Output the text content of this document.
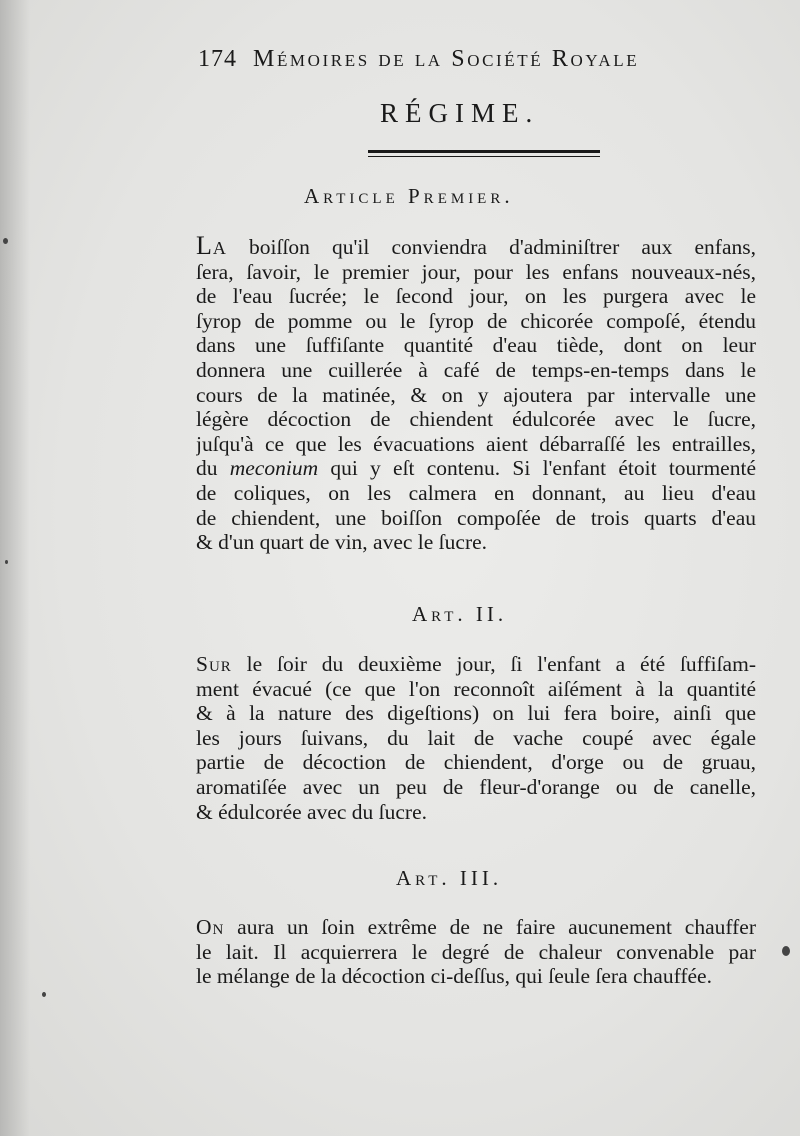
174 Mémoires de la Société Royale
RÉGIME.
Article Premier.
La boiſſon qu'il conviendra d'adminiſtrer aux enfans,
ſera, ſavoir, le premier jour, pour les enfans nouveaux-nés,
de l'eau ſucrée; le ſecond jour, on les purgera avec le
ſyrop de pomme ou le ſyrop de chicorée compoſé, étendu
dans une ſuffiſante quantité d'eau tiède, dont on leur
donnera une cuillerée à café de temps-en-temps dans le
cours de la matinée, & on y ajoutera par intervalle une
légère décoction de chiendent édulcorée avec le ſucre,
juſqu'à ce que les évacuations aient débarraſſé les entrailles,
du meconium qui y eſt contenu. Si l'enfant étoit tourmenté
de coliques, on les calmera en donnant, au lieu d'eau
de chiendent, une boiſſon compoſée de trois quarts d'eau
& d'un quart de vin, avec le ſucre.
Art. II.
Sur le ſoir du deuxième jour, ſi l'enfant a été ſuffiſam-
ment évacué (ce que l'on reconnoît aiſément à la quantité
& à la nature des digeſtions) on lui fera boire, ainſi que
les jours ſuivans, du lait de vache coupé avec égale
partie de décoction de chiendent, d'orge ou de gruau,
aromatiſée avec un peu de fleur-d'orange ou de canelle,
& édulcorée avec du ſucre.
Art. III.
On aura un ſoin extrême de ne faire aucunement chauffer
le lait. Il acquierrera le degré de chaleur convenable par
le mélange de la décoction ci-deſſus, qui ſeule ſera chauffée.
